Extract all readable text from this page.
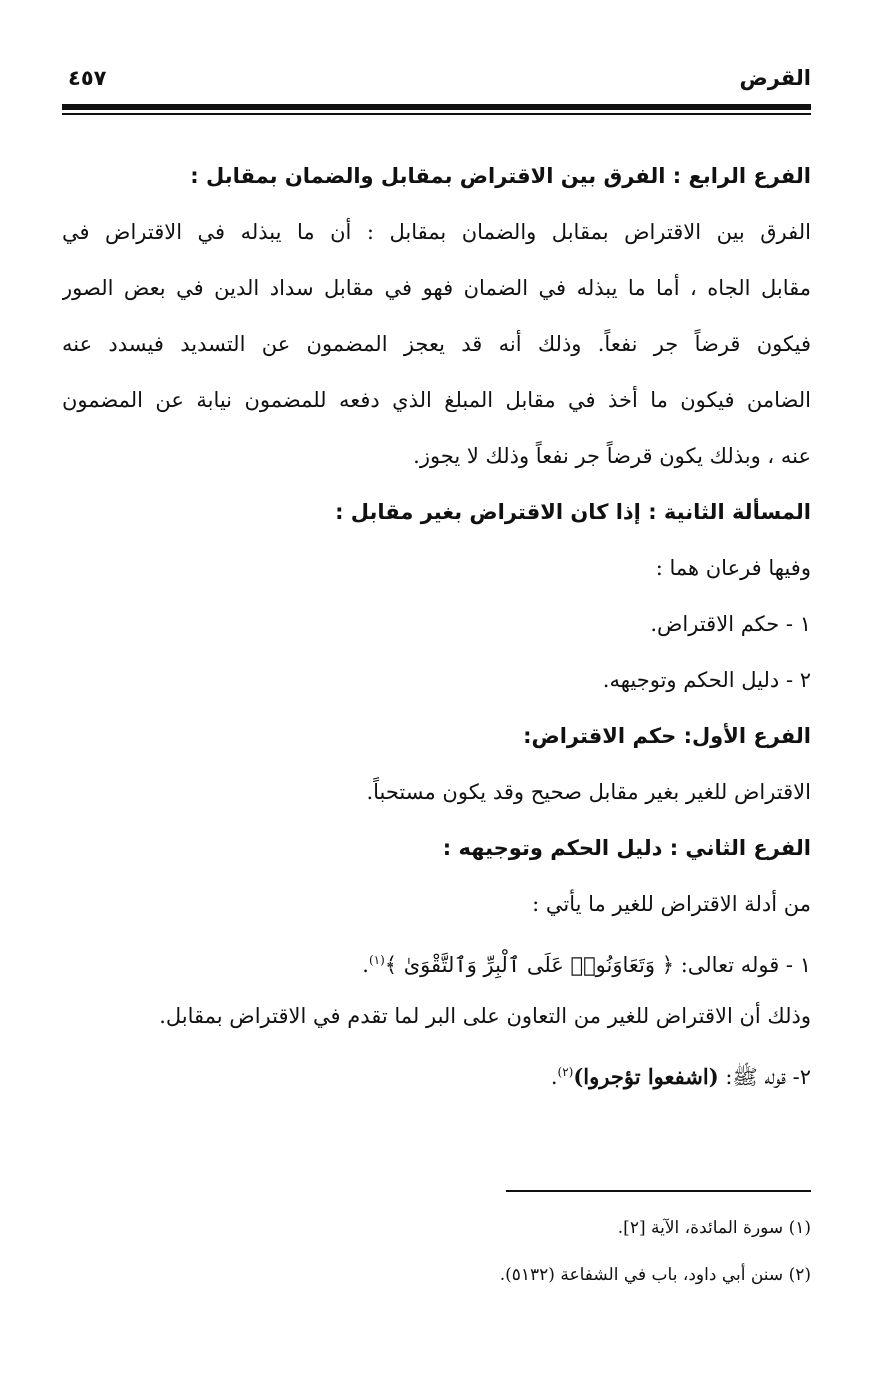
القرض
٤٥٧
الفرع الرابع : الفرق بين الاقتراض بمقابل والضمان بمقابل :
الفرق بين الاقتراض بمقابل والضمان بمقابل : أن ما يبذله في الاقتراض في
مقابل الجاه ، أما ما يبذله في الضمان فهو في مقابل سداد الدين في بعض الصور
فيكون قرضاً جر نفعاً. وذلك أنه قد يعجز المضمون عن التسديد فيسدد عنه
الضامن فيكون ما أخذ في مقابل المبلغ الذي دفعه للمضمون نيابة عن المضمون
عنه ، وبذلك يكون قرضاً جر نفعاً وذلك لا يجوز.
المسألة الثانية : إذا كان الاقتراض بغير مقابل :
وفيها فرعان هما :
١ - حكم الاقتراض.
٢ - دليل الحكم وتوجيهه.
الفرع الأول: حكم الاقتراض:
الاقتراض للغير بغير مقابل صحيح وقد يكون مستحباً.
الفرع الثاني : دليل الحكم وتوجيهه :
من أدلة الاقتراض للغير ما يأتي :
١ - قوله تعالى: ﴿ وَتَعَاوَنُوا۟ عَلَى ٱلْبِرِّ وَٱلتَّقْوَىٰ ﴾$^{(١)}$.
وذلك أن الاقتراض للغير من التعاون على البر لما تقدم في الاقتراض بمقابل.
٢- قوله ﷺ: (اشفعوا تؤجروا)$^{(٢)}$.
(١) سورة المائدة، الآية [٢].
(٢) سنن أبي داود، باب في الشفاعة (٥١٣٢).
